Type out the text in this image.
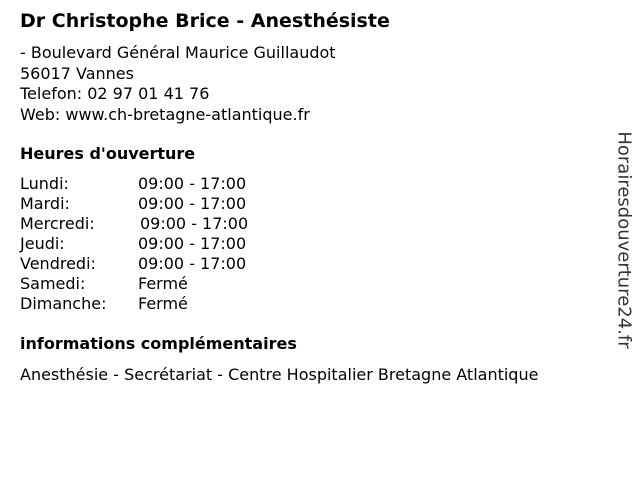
Dr Christophe Brice - Anesthésiste
- Boulevard Général Maurice Guillaudot
56017 Vannes
Telefon: 02 97 01 41 76
Web: www.ch-bretagne-atlantique.fr
Heures d'ouverture
Lundi:	09:00 - 17:00
Mardi:	09:00 - 17:00
Mercredi:	09:00 - 17:00
Jeudi:	09:00 - 17:00
Vendredi:	09:00 - 17:00
Samedi:	Fermé
Dimanche: Fermé
informations complémentaires
Anesthésie - Secrétariat - Centre Hospitalier Bretagne Atlantique
Horairesdouverture24.fr
